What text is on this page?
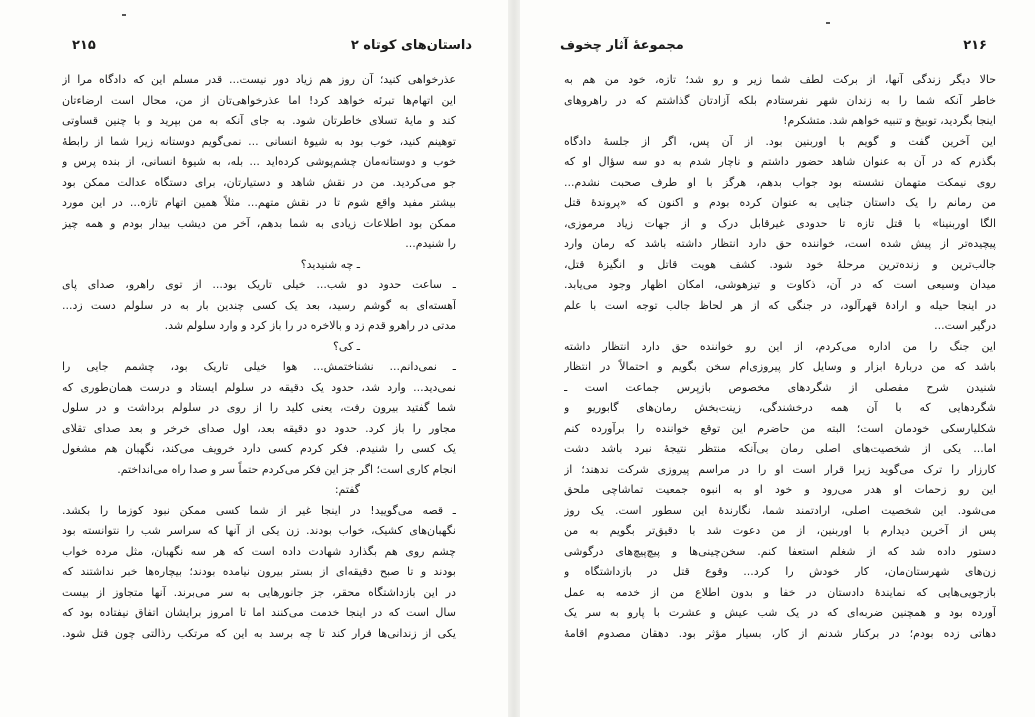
۲۱۵	داستان‌های کوتاه ۲
عذرخواهی کنید؛ آن روز هم زیاد دور نیست... قدر مسلم این که دادگاه مرا از
این اتهام‌ها تبرئه خواهد کرد! اما عذرخواهی‌تان از من، محال است ارضاءتان
کند و مایهٔ تسلای خاطرتان شود. به جای آنکه به من بپرید و با چنین قساوتی
توهینم کنید، خوب بود به شیوهٔ انسانی ... نمی‌گویم دوستانه زیرا شما از رابطهٔ
خوب و دوستانه‌مان چشم‌پوشی کرده‌اید ... بله، به شیوهٔ انسانی، از بنده پرس و
جو می‌کردید. من در نقش شاهد و دستیارتان، برای دستگاه عدالت ممکن بود
بیشتر مفید واقع شوم تا در نقش متهم... مثلاً همین اتهام تازه... در این مورد
ممکن بود اطلاعات زیادی به شما بدهم، آخر من دیشب بیدار بودم و همه چیز
را شنیدم...
ـ چه شنیدید؟
ـ ساعت حدود دو شب... خیلی تاریک بود... از توی راهرو، صدای پای
آهسته‌ای به گوشم رسید، بعد یک کسی چندین بار به در سلولم دست زد...
مدتی در راهرو قدم زد و بالاخره در را باز کرد و وارد سلولم شد.
ـ کی؟
ـ نمی‌دانم... نشناختمش... هوا خیلی تاریک بود، چشمم جایی را
نمی‌دید... وارد شد، حدود یک دقیقه در سلولم ایستاد و درست همان‌طوری که
شما گفتید بیرون رفت، یعنی کلید را از روی در سلولم برداشت و در سلول
مجاور را باز کرد. حدود دو دقیقه بعد، اول صدای خرخر و بعد صدای تقلای
یک کسی را شنیدم. فکر کردم کسی دارد خرویف می‌کند، نگهبان هم مشغول
انجام کاری است؛ اگر جز این فکر می‌کردم حتماً سر و صدا راه می‌انداختم.
گفتم:
ـ قصه می‌گویید! در اینجا غیر از شما کسی ممکن نبود کوزما را بکشد.
نگهبان‌های کشیک، خواب بودند. زن یکی از آنها که سراسر شب را نتوانسته بود
چشم روی هم بگذارد شهادت داده است که هر سه نگهبان، مثل مرده خواب
بودند و تا صبح دقیقه‌ای از بستر بیرون نیامده بودند؛ بیچاره‌ها خبر نداشتند که
در این بازداشتگاه محقر، جز جانورهایی به سر می‌برند. آنها متجاوز از بیست
سال است که در اینجا خدمت می‌کنند اما تا امروز برایشان اتفاق نیفتاده بود که
یکی از زندانی‌ها فرار کند تا چه برسد به این که مرتکب رذالتی چون قتل شود.
مجموعهٔ آثار چخوف	۲۱۶
حالا دیگر زندگی آنها، از برکت لطف شما زیر و رو شد؛ تازه، خود من هم به
خاطر آنکه شما را به زندان شهر نفرستادم بلکه آزادتان گذاشتم که در راهروهای
اینجا بگردید، توبیخ و تنبیه خواهم شد. متشکرم!
این آخرین گفت و گویم با اوربنین بود. از آن پس، اگر از جلسهٔ دادگاه
بگذرم که در آن به عنوان شاهد حضور داشتم و ناچار شدم به دو سه سؤال او که
روی نیمکت متهمان نشسته بود جواب بدهم، هرگز با او طرف صحبت نشدم...
من رمانم را یک داستان جنایی به عنوان کرده بودم و اکنون که «پروندهٔ قتل
الگا اوربنینا» با قتل تازه تا حدودی غیرقابل درک و از جهات زیاد مرموزی،
پیچیده‌تر از پیش شده است، خواننده حق دارد انتظار داشته باشد که رمان وارد
جالب‌ترین و زنده‌ترین مرحلهٔ خود شود. کشف هویت قاتل و انگیزهٔ قتل،
میدان وسیعی است که در آن، ذکاوت و تیزهوشی، امکان اظهار وجود می‌یابد.
در اینجا حیله و ارادهٔ قهرآلود، در جنگی که از هر لحاظ جالب توجه است با علم
درگیر است...
این جنگ را من اداره می‌کردم، از این رو خواننده حق دارد انتظار داشته
باشد که من دربارهٔ ابزار و وسایل کار پیروزی‌ام سخن بگویم و احتمالاً در انتظار
شنیدن شرح مفصلی از شگردهای مخصوص بازپرس جماعت است ـ
شگردهایی که با آن همه درخشندگی، زینت‌بخش رمان‌های گابوریو و
شکلیارسکی خودمان است؛ البته من حاضرم این توقع خواننده را برآورده کنم
اما... یکی از شخصیت‌های اصلی رمان بی‌آنکه منتظر نتیجهٔ نبرد باشد دشت
کارزار را ترک می‌گوید زیرا قرار است او را در مراسم پیروزی شرکت ندهند؛ از
این رو زحمات او هدر می‌رود و خود او به انبوه جمعیت تماشاچی ملحق
می‌شود. این شخصیت اصلی، ارادتمند شما، نگارندهٔ این سطور است. یک روز
پس از آخرین دیدارم با اوربنین، از من دعوت شد با دقیق‌تر بگویم به من
دستور داده شد که از شغلم استعفا کنم. سخن‌چینی‌ها و پیچ‌پیچ‌های درگوشی
زن‌های شهرستان‌مان، کار خودش را کرد... وقوع قتل در بازداشتگاه و
بازجویی‌هایی که نمایندهٔ دادستان در خفا و بدون اطلاع من از خدمه به عمل
آورده بود و همچنین ضربه‌ای که در یک شب عیش و عشرت با پارو به سر یک
دهاتی زده بودم؛ در برکنار شدنم از کار، بسیار مؤثر بود. دهقان مصدوم اقامهٔ
